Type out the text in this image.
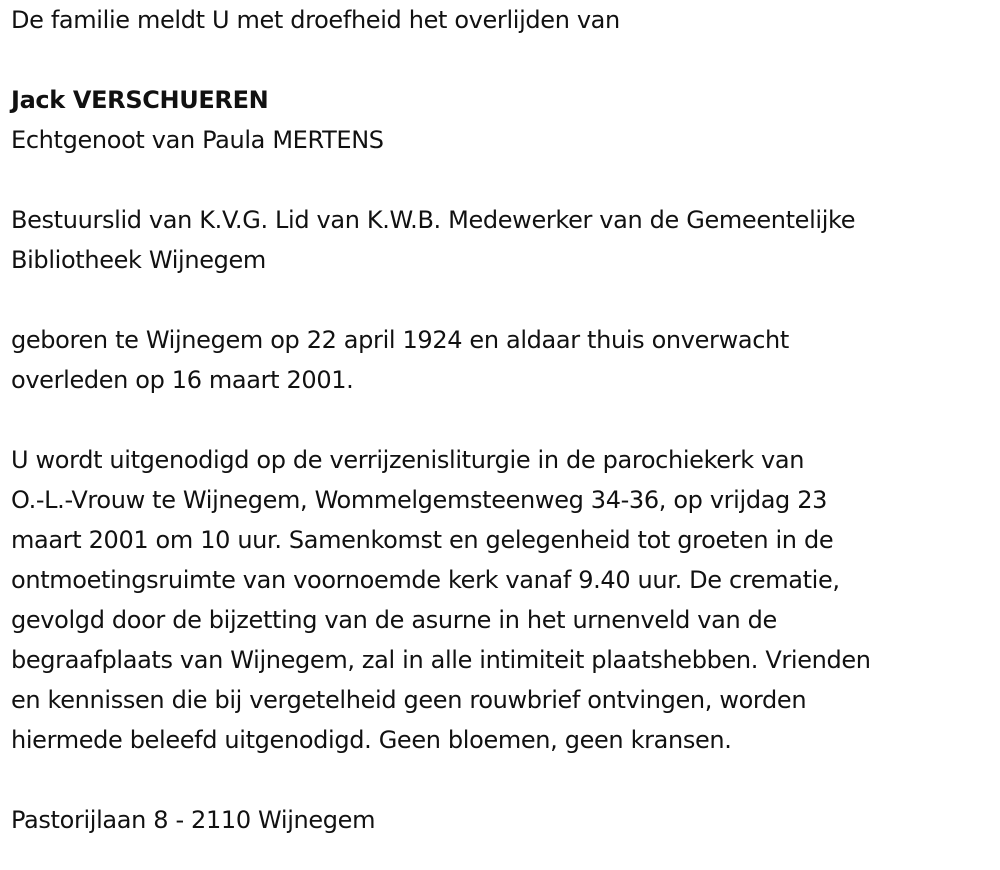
De familie meldt U met droefheid het overlijden van
Jack VERSCHUEREN
Echtgenoot van Paula MERTENS
Bestuurslid van K.V.G. Lid van K.W.B. Medewerker van de Gemeentelijke
Bibliotheek Wijnegem
geboren te Wijnegem op 22 april 1924 en aldaar thuis onverwacht
overleden op 16 maart 2001.
U wordt uitgenodigd op de verrijzenisliturgie in de parochiekerk van
O.-L.-Vrouw te Wijnegem, Wommelgemsteenweg 34-36, op vrijdag 23
maart 2001 om 10 uur. Samenkomst en gelegenheid tot groeten in de
ontmoetingsruimte van voornoemde kerk vanaf 9.40 uur. De crematie,
gevolgd door de bijzetting van de asurne in het urnenveld van de
begraafplaats van Wijnegem, zal in alle intimiteit plaatshebben. Vrienden
en kennissen die bij vergetelheid geen rouwbrief ontvingen, worden
hiermede beleefd uitgenodigd. Geen bloemen, geen kransen.
Pastorijlaan 8 - 2110 Wijnegem
